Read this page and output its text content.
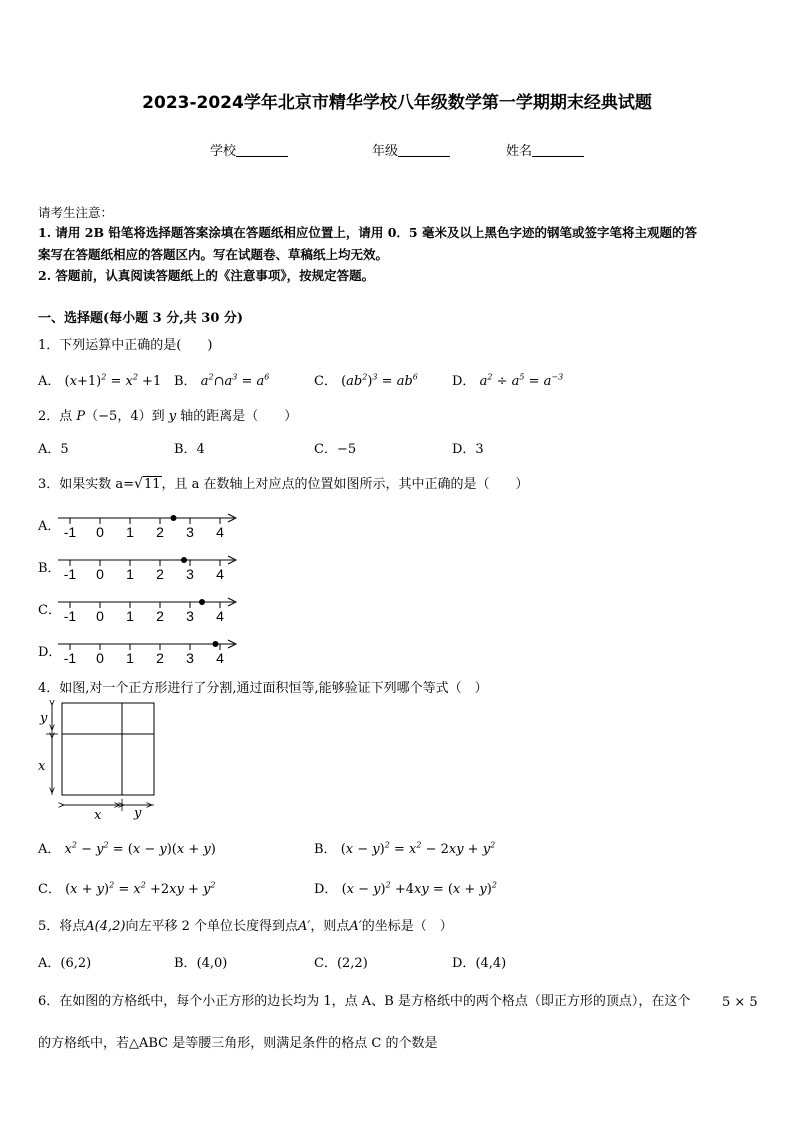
2023-2024学年北京市精华学校八年级数学第一学期期末经典试题
学校	年级	姓名
请考生注意：
1. 请用 2B 铅笔将选择题答案涂填在答题纸相应位置上，请用 0．5 毫米及以上黑色字迹的钢笔或签字笔将主观题的答
案写在答题纸相应的答题区内。写在试题卷、草稿纸上均无效。
2. 答题前，认真阅读答题纸上的《注意事项》，按规定答题。
一、选择题(每小题 3 分,共 30 分)
1．下列运算中正确的是(　　)
A． $(x+1)^2 = x^2 +1$ B． $a^2\cap a^3 = a^6$	C． $(ab^2)^3 = ab^6$	D． $a^2 \div a^5 = a^{-3}$
2．点 P（−5，4）到 y 轴的距离是（　　）
A．5	B．4	C．−5	D．3
3．如果实数 a=√11，且 a 在数轴上对应点的位置如图所示，其中正确的是（　　）
A．
B．
C．
D．
-1 0 1 2 3 4
-1 0 1 2 3 4
-1 0 1 2 3 4
-1 0 1 2 3 4
4．如图,对一个正方形进行了分割,通过面积恒等,能够验证下列哪个等式（　）
y
x
x	y
A． $x^2 - y^2 = (x - y)(x + y)$	B． $(x - y)^2 = x^2 - 2xy + y^2$
C． $(x + y)^2 = x^2 +2xy + y^2$	D． $(x - y)^2 +4xy = (x + y)^2$
5．将点A(4,2)向左平移 2 个单位长度得到点A′，则点A′的坐标是（　）
A．(6,2)	B．(4,0)	C．(2,2)	D．(4,4)
6．在如图的方格纸中，每个小正方形的边长均为 1，点 A、B 是方格纸中的两个格点（即正方形的顶点），在这个 5 × 5
的方格纸中，若△ABC 是等腰三角形，则满足条件的格点 C 的个数是
